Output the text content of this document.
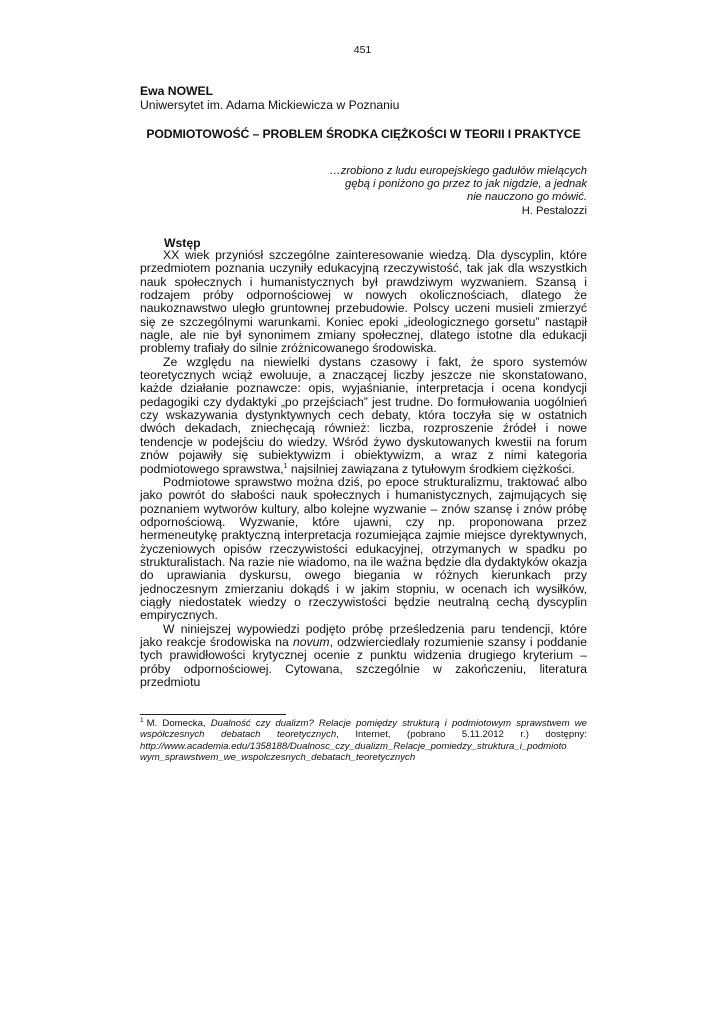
451
Ewa NOWEL
Uniwersytet im. Adama Mickiewicza w Poznaniu
PODMIOTOWOŚĆ – PROBLEM ŚRODKA CIĘŻKOŚCI W TEORII I PRAKTYCE
…zrobiono z ludu europejskiego gadułów mielących
gębą i poniżono go przez to jak nigdzie, a jednak
nie nauczono go mówić.
H. Pestalozzi
Wstęp

XX wiek przyniósł szczególne zainteresowanie wiedzą. Dla dyscyplin, które przedmiotem poznania uczyniły edukacyjną rzeczywistość, tak jak dla wszystkich nauk społecznych i humanistycznych był prawdziwym wyzwaniem. Szansą i rodzajem próby odpornościowej w nowych okolicznościach, dlatego że naukoznawstwo uległo gruntownej przebudowie. Polscy uczeni musieli zmierzyć się ze szczególnymi warunkami. Koniec epoki „ideologicznego gorsetu” nastąpił nagle, ale nie był synonimem zmiany społecznej, dlatego istotne dla edukacji problemy trafiały do silnie zróżnicowanego środowiska.

Ze względu na niewielki dystans czasowy i fakt, że sporo systemów teoretycznych wciąż ewoluuje, a znaczącej liczby jeszcze nie skonstatowano, każde działanie poznawcze: opis, wyjaśnianie, interpretacja i ocena kondycji pedagogiki czy dydaktyki „po przejściach” jest trudne. Do formułowania uogólnień czy wskazywania dystynktywnych cech debaty, która toczyła się w ostatnich dwóch dekadach, zniechęcają również: liczba, rozproszenie źródeł i nowe tendencje w podejściu do wiedzy. Wśród żywo dyskutowanych kwestii na forum znów pojawiły się subiektywizm i obiektywizm, a wraz z nimi kategoria podmiotowego sprawstwa,$^1$ najsilniej zawiązana z tytułowym środkiem ciężkości.

Podmiotowe sprawstwo można dziś, po epoce strukturalizmu, traktować albo jako powrót do słabości nauk społecznych i humanistycznych, zajmujących się poznaniem wytworów kultury, albo kolejne wyzwanie – znów szansę i znów próbę odpornościową. Wyzwanie, które ujawni, czy np. proponowana przez hermeneutykę praktyczną interpretacja rozumiejąca zajmie miejsce dyrektywnych, życzeniowych opisów rzeczywistości edukacyjnej, otrzymanych w spadku po strukturalistach. Na razie nie wiadomo, na ile ważna będzie dla dydaktyków okazja do uprawiania dyskursu, owego biegania w różnych kierunkach przy jednoczesnym zmierzaniu dokądś i w jakim stopniu, w ocenach ich wysiłków, ciągły niedostatek wiedzy o rzeczywistości będzie neutralną cechą dyscyplin empirycznych.

W niniejszej wypowiedzi podjęto próbę prześledzenia paru tendencji, które jako reakcje środowiska na novum, odzwierciedlały rozumienie szansy i poddanie tych prawidłowości krytycznej ocenie z punktu widzenia drugiego kryterium – próby odpornościowej. Cytowana, szczególnie w zakończeniu, literatura przedmiotu

$^1$ M. Domecka, Dualność czy dualizm? Relacje pomiędzy strukturą i podmiotowym sprawstwem we współczesnych debatach teoretycznych, Internet, (pobrano 5.11.2012 r.) dostępny: http://www.academia.edu/1358188/Dualnosc_czy_dualizm_Relacje_pomiedzy_struktura_i_podmioto wym_sprawstwem_we_wspolczesnych_debatach_teoretycznych
